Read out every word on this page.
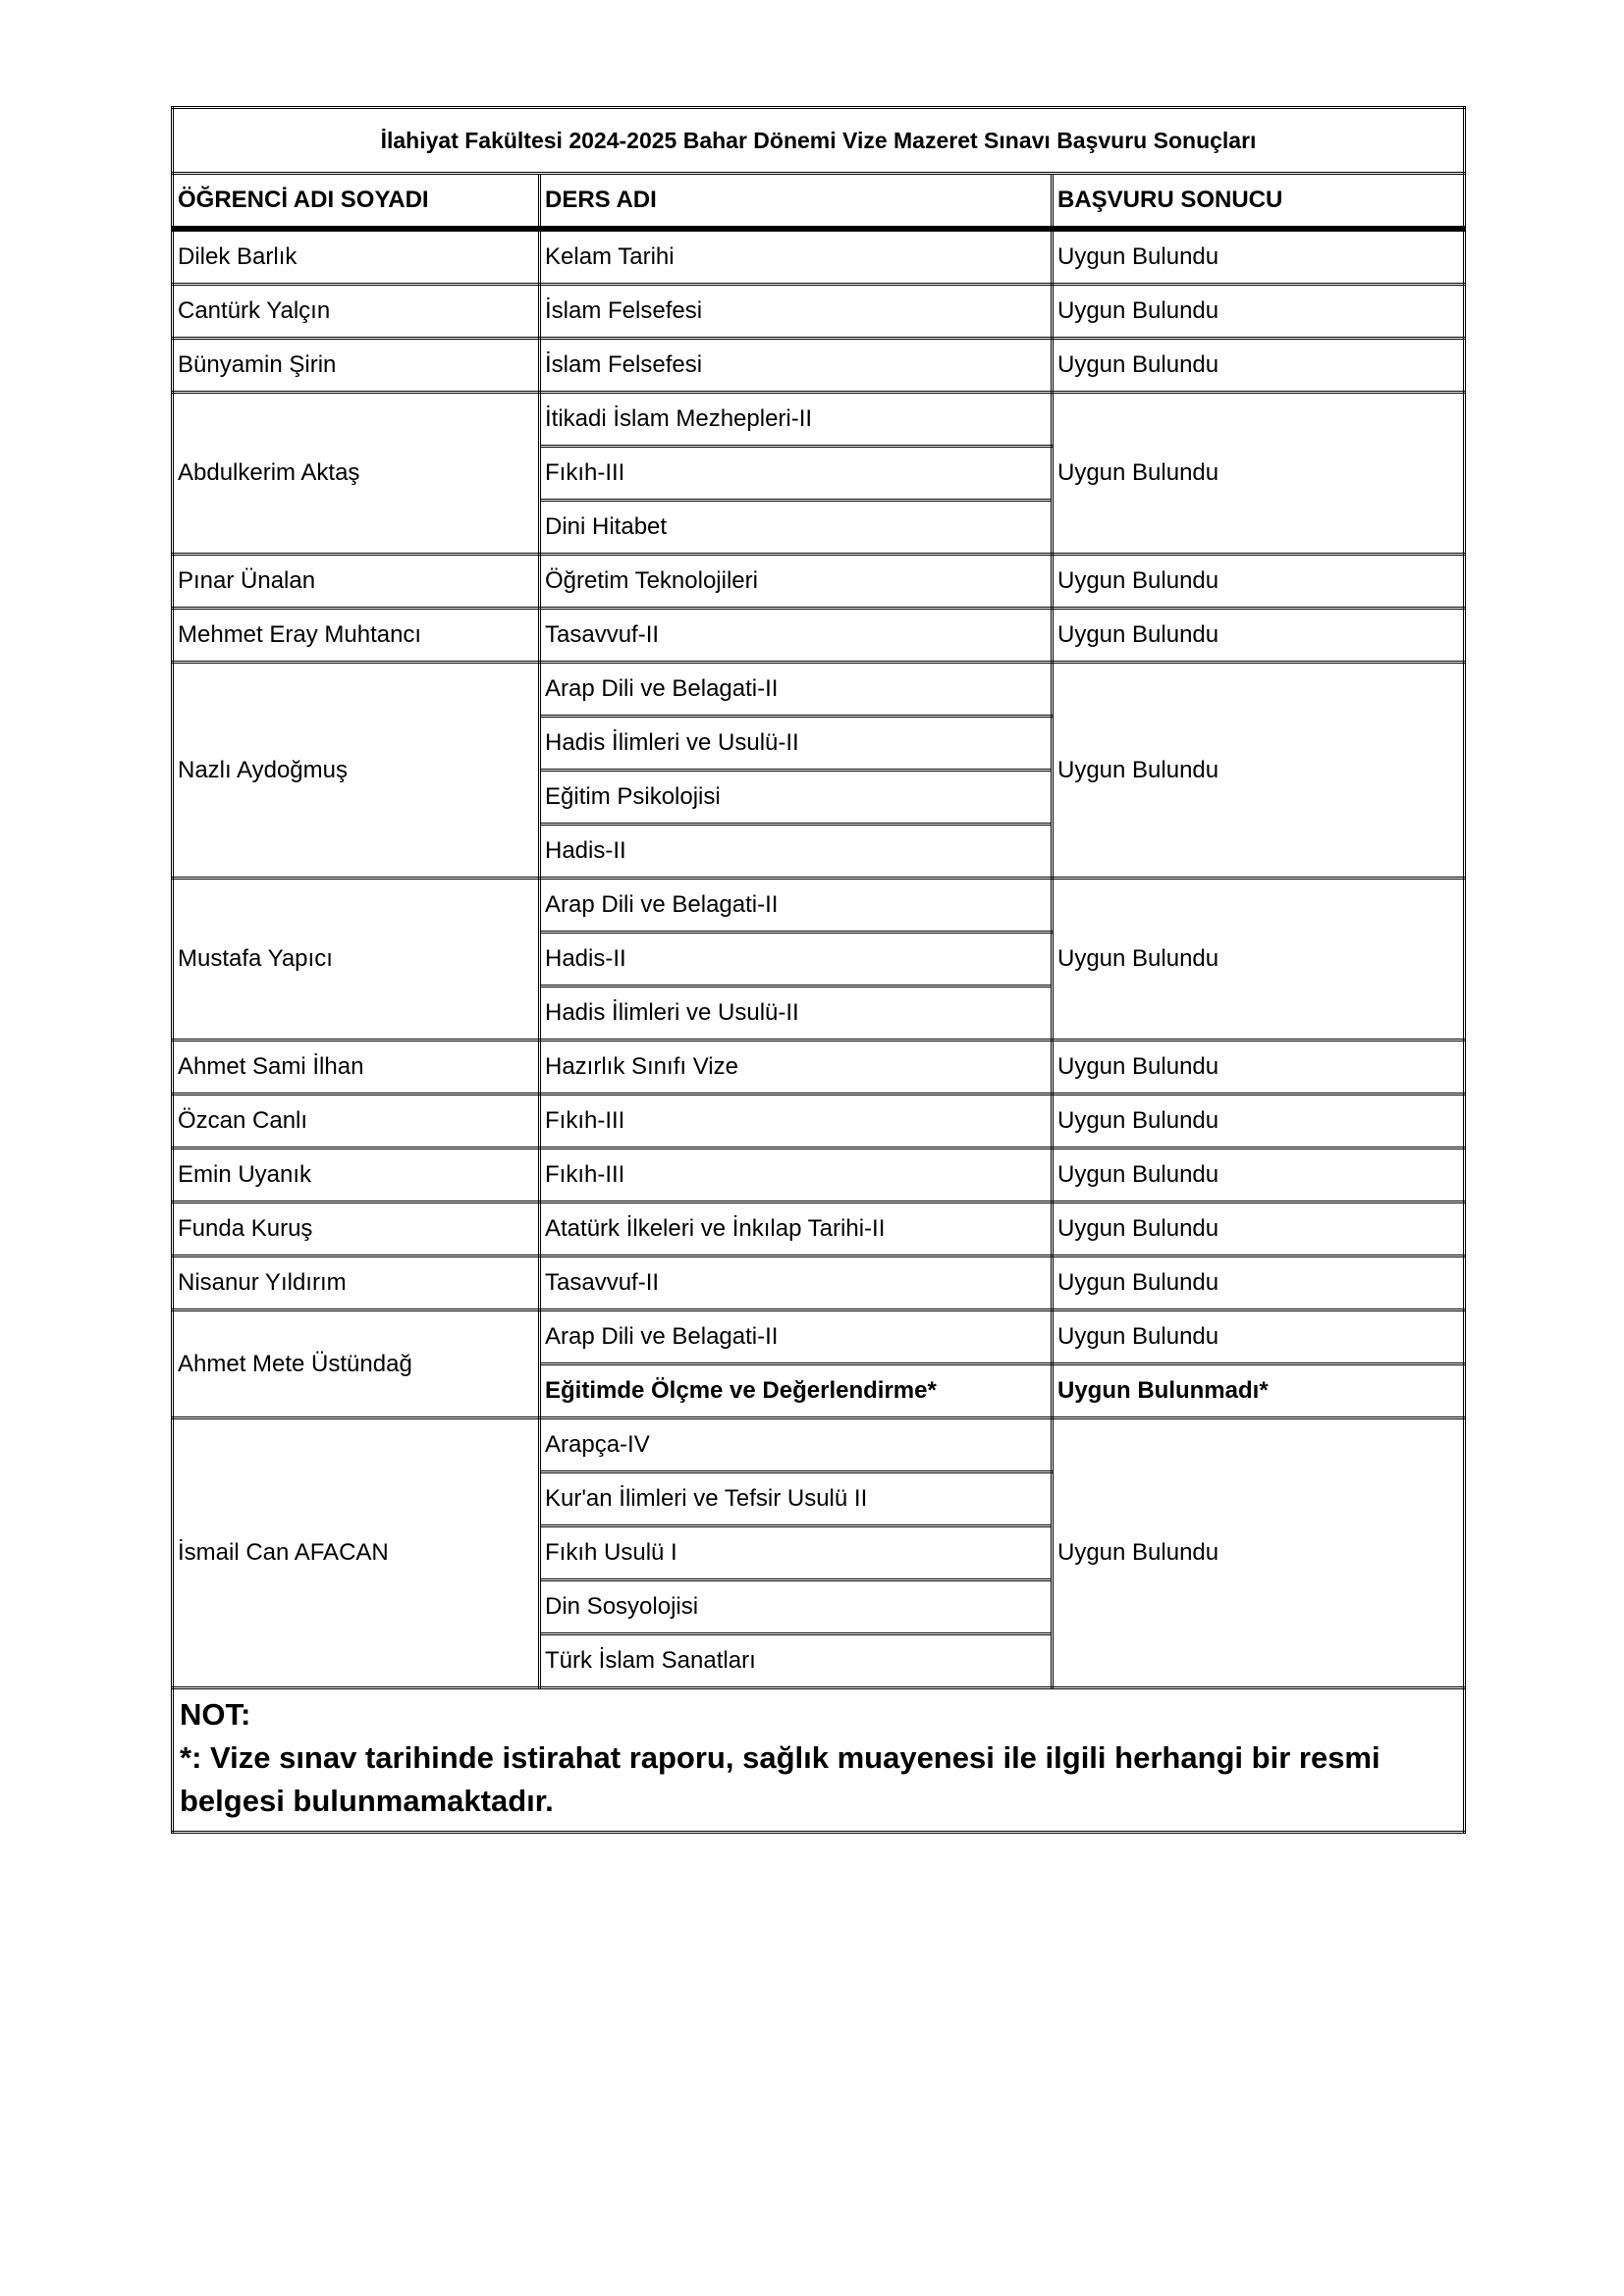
İlahiyat Fakültesi 2024-2025 Bahar Dönemi Vize Mazeret Sınavı Başvuru Sonuçları		
ÖĞRENCİ ADI SOYADI	DERS ADI	BAŞVURU SONUCU
Dilek Barlık	Kelam Tarihi	Uygun Bulundu
Cantürk Yalçın	İslam Felsefesi	Uygun Bulundu
Bünyamin Şirin	İslam Felsefesi	Uygun Bulundu
Abdulkerim Aktaş	İtikadi İslam Mezhepleri-II	Uygun Bulundu
	Fıkıh-III	
	Dini Hitabet	
Pınar Ünalan	Öğretim Teknolojileri	Uygun Bulundu
Mehmet Eray Muhtancı	Tasavvuf-II	Uygun Bulundu
Nazlı Aydoğmuş	Arap Dili ve Belagati-II	Uygun Bulundu
	Hadis İlimleri ve Usulü-II	
	Eğitim Psikolojisi	
	Hadis-II	
Mustafa Yapıcı	Arap Dili ve Belagati-II	Uygun Bulundu
	Hadis-II	
	Hadis İlimleri ve Usulü-II	
Ahmet Sami İlhan	Hazırlık Sınıfı Vize	Uygun Bulundu
Özcan Canlı	Fıkıh-III	Uygun Bulundu
Emin Uyanık	Fıkıh-III	Uygun Bulundu
Funda Kuruş	Atatürk İlkeleri ve İnkılap Tarihi-II	Uygun Bulundu
Nisanur Yıldırım	Tasavvuf-II	Uygun Bulundu
Ahmet Mete Üstündağ	Arap Dili ve Belagati-II	Uygun Bulundu
	Eğitimde Ölçme ve Değerlendirme*	Uygun Bulunmadı*
İsmail Can AFACAN	Arapça-IV	Uygun Bulundu
	Kur'an İlimleri ve Tefsir Usulü II	
	Fıkıh Usulü I	
	Din Sosyolojisi	
	Türk İslam Sanatları	

NOT:
*: Vize sınav tarihinde istirahat raporu, sağlık muayenesi ile ilgili herhangi bir resmi belgesi bulunmamaktadır.		
